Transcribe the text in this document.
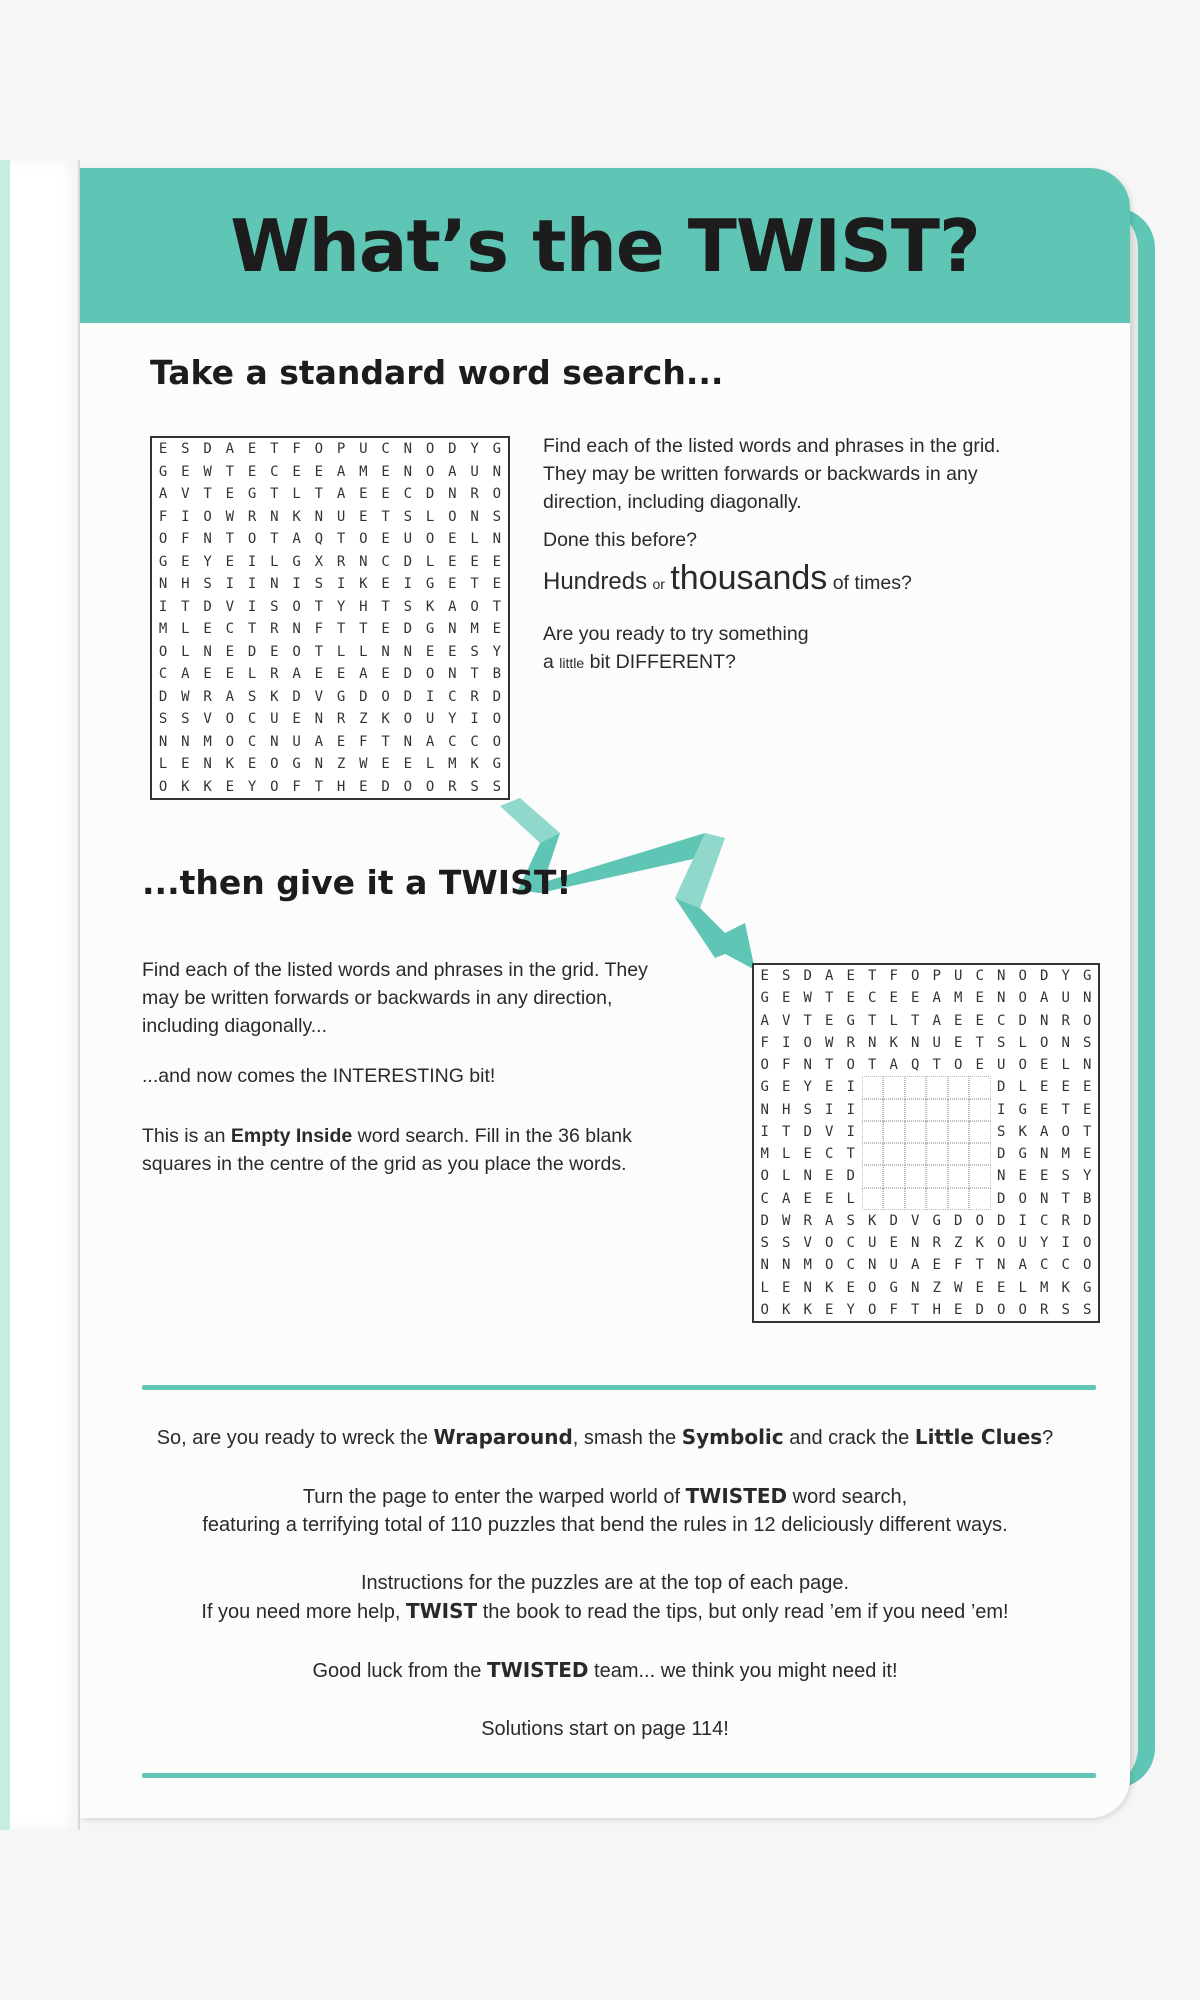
What’s the TWIST?
Take a standard word search...
E S D A E T F O P U C N O D Y G
G E W T E C E E A M E N O A U N
A V T E G T L T A E E C D N R O
F I O W R N K N U E T S L O N S
O F N T O T A Q T O E U O E L N
G E Y E I L G X R N C D L E E E
N H S I I N I S I K E I G E T E
I T D V I S O T Y H T S K A O T
M L E C T R N F T T E D G N M E
O L N E D E O T L L N N E E S Y
C A E E L R A E E A E D O N T B
D W R A S K D V G D O D I C R D
S S V O C U E N R Z K O U Y I O
N N M O C N U A E F T N A C C O
L E N K E O G N Z W E E L M K G
O K K E Y O F T H E D O O R S S

Find each of the listed words and phrases in the grid. They may be written forwards or backwards in any direction, including diagonally.

Done this before?

Hundreds or thousands of times?

Are you ready to try something
a little bit DIFFERENT?

...then give it a TWIST!

Find each of the listed words and phrases in the grid. They may be written forwards or backwards in any direction, including diagonally...

...and now comes the INTERESTING bit!

This is an Empty Inside word search. Fill in the 36 blank squares in the centre of the grid as you place the words.

E S D A E T F O P U C N O D Y G
G E W T E C E E A M E N O A U N
A V T E G T L T A E E C D N R O
F I O W R N K N U E T S L O N S
O F N T O T A Q T O E U O E L N
G E Y E I	D L E E E
N H S I I	I G E T E
I T D V I	S K A O T
M L E C T	D G N M E
O L N E D	N E E S Y
C A E E L	D O N T B
D W R A S K D V G D O D I C R D
S S V O C U E N R Z K O U Y I O
N N M O C N U A E F T N A C C O
L E N K E O G N Z W E E L M K G
O K K E Y O F T H E D O O R S S

So, are you ready to wreck the Wraparound, smash the Symbolic and crack the Little Clues?

Turn the page to enter the warped world of TWISTED word search,
featuring a terrifying total of 110 puzzles that bend the rules in 12 deliciously different ways.

Instructions for the puzzles are at the top of each page.
If you need more help, TWIST the book to read the tips, but only read ’em if you need ’em!

Good luck from the TWISTED team... we think you might need it!

Solutions start on page 114!
